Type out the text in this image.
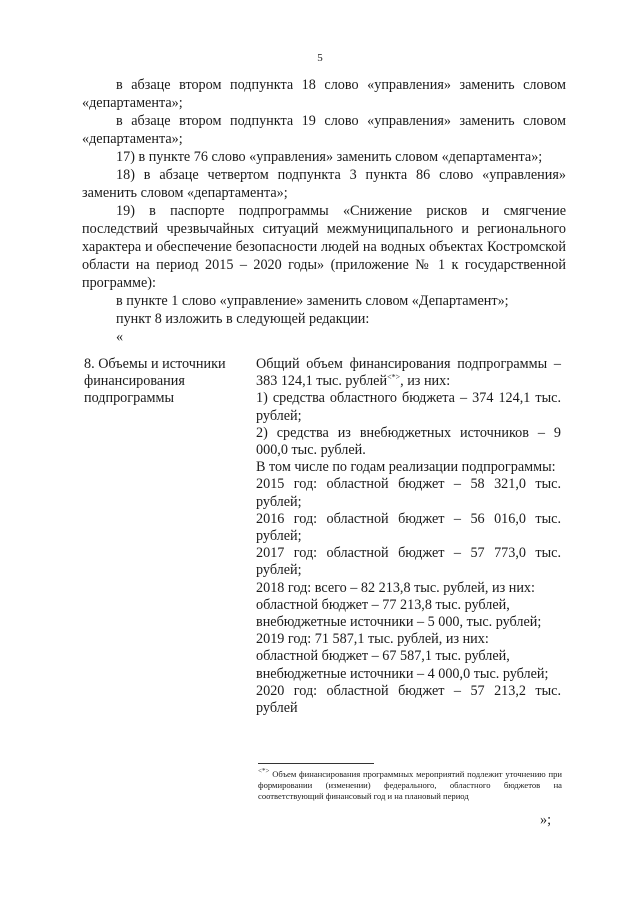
5

в абзаце втором подпункта 18 слово «управления» заменить словом «департамента»;

в абзаце втором подпункта 19 слово «управления» заменить словом «департамента»;

17) в пункте 76 слово «управления» заменить словом «департамента»;

18) в абзаце четвертом подпункта 3 пункта 86 слово «управления» заменить словом «департамента»;

19) в паспорте подпрограммы «Снижение рисков и смягчение последствий чрезвычайных ситуаций межмуниципального и регионального характера и обеспечение безопасности людей на водных объектах Костромской области на период 2015 – 2020 годы» (приложение № 1 к государственной программе):

в пункте 1 слово «управление» заменить словом «Департамент»;

пункт 8 изложить в следующей редакции:

«

8. Объемы и источники финансирования подпрограммы

Общий объем финансирования подпрограммы – 383 124,1 тыс. рублей<*>, из них:

1) средства областного бюджета – 374 124,1 тыс. рублей;

2) средства из внебюджетных источников – 9 000,0 тыс. рублей.

В том числе по годам реализации подпрограммы:

2015 год: областной бюджет – 58 321,0 тыс. рублей;

2016 год: областной бюджет – 56 016,0 тыс. рублей;

2017 год: областной бюджет – 57 773,0 тыс. рублей;

2018 год: всего – 82 213,8 тыс. рублей, из них:

областной бюджет – 77 213,8 тыс. рублей,

внебюджетные источники – 5 000, тыс. рублей;

2019 год: 71 587,1 тыс. рублей, из них:

областной бюджет – 67 587,1 тыс. рублей,

внебюджетные источники – 4 000,0 тыс. рублей;

2020 год: областной бюджет – 57 213,2 тыс. рублей

<*> Объем финансирования программных мероприятий подлежит уточнению при формировании (изменении) федерального, областного бюджетов на соответствующий финансовый год и на плановый период
»;
